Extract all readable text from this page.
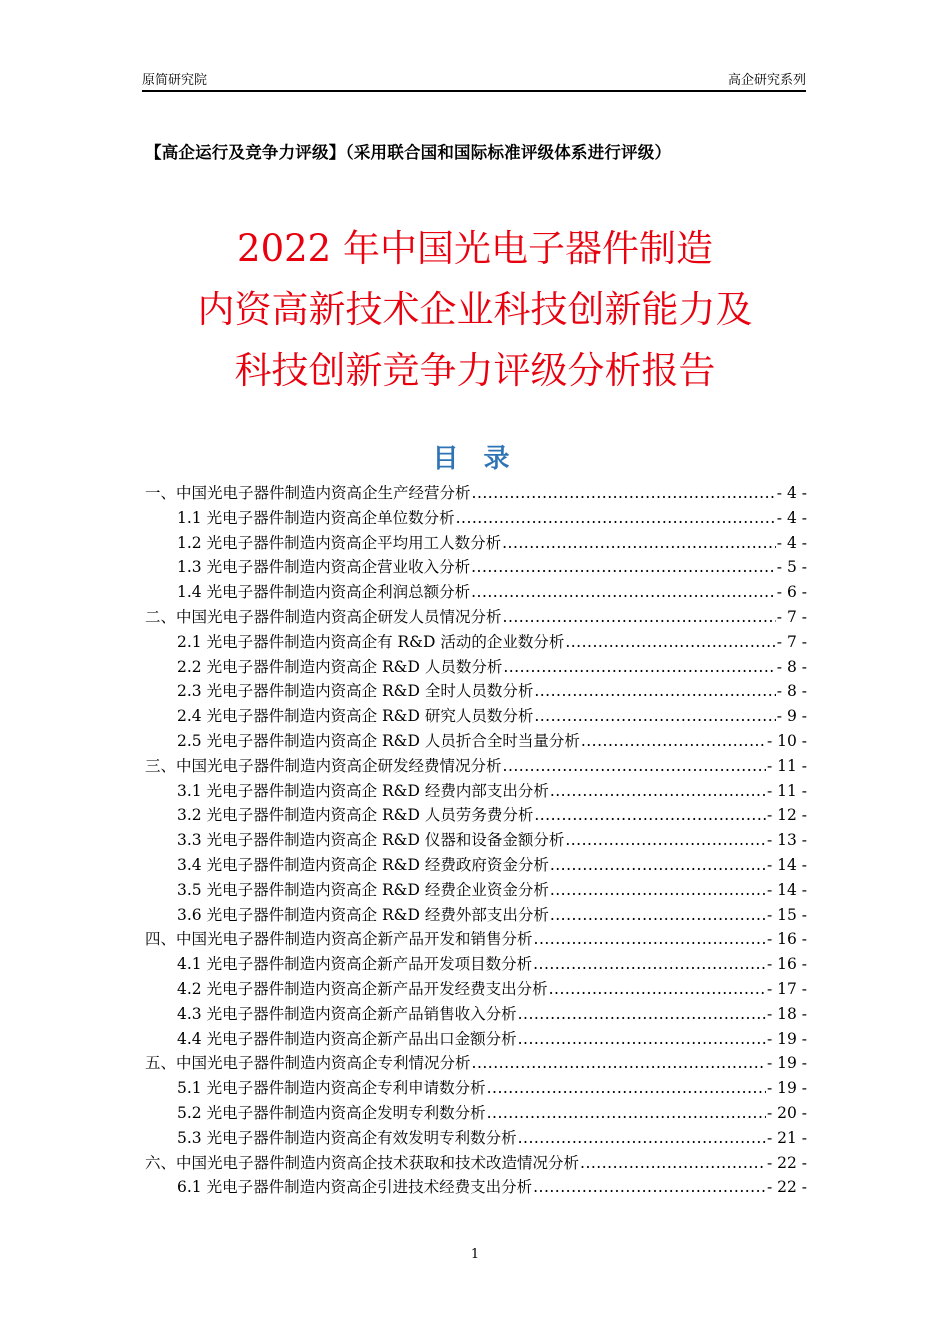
原简研究院	高企研究系列
【高企运行及竞争力评级】（采用联合国和国际标准评级体系进行评级）
2022 年中国光电子器件制造
内资高新技术企业科技创新能力及
科技创新竞争力评级分析报告
目 录
一、中国光电子器件制造内资高企生产经营分析 .....	- 4 -
1.1 光电子器件制造内资高企单位数分析 .....	- 4 -
1.2 光电子器件制造内资高企平均用工人数分析 .....	- 4 -
1.3 光电子器件制造内资高企营业收入分析 .....	- 5 -
1.4 光电子器件制造内资高企利润总额分析 .....	- 6 -
二、中国光电子器件制造内资高企研发人员情况分析 .....	- 7 -
2.1 光电子器件制造内资高企有 R&D 活动的企业数分析 .....	- 7 -
2.2 光电子器件制造内资高企 R&D 人员数分析 .....	- 8 -
2.3 光电子器件制造内资高企 R&D 全时人员数分析 .....	- 8 -
2.4 光电子器件制造内资高企 R&D 研究人员数分析 .....	- 9 -
2.5 光电子器件制造内资高企 R&D 人员折合全时当量分析 .....	- 10 -
三、中国光电子器件制造内资高企研发经费情况分析 .....	- 11 -
3.1 光电子器件制造内资高企 R&D 经费内部支出分析 .....	- 11 -
3.2 光电子器件制造内资高企 R&D 人员劳务费分析 .....	- 12 -
3.3 光电子器件制造内资高企 R&D 仪器和设备金额分析 .....	- 13 -
3.4 光电子器件制造内资高企 R&D 经费政府资金分析 .....	- 14 -
3.5 光电子器件制造内资高企 R&D 经费企业资金分析 .....	- 14 -
3.6 光电子器件制造内资高企 R&D 经费外部支出分析 .....	- 15 -
四、中国光电子器件制造内资高企新产品开发和销售分析 .....	- 16 -
4.1 光电子器件制造内资高企新产品开发项目数分析 .....	- 16 -
4.2 光电子器件制造内资高企新产品开发经费支出分析 .....	- 17 -
4.3 光电子器件制造内资高企新产品销售收入分析 .....	- 18 -
4.4 光电子器件制造内资高企新产品出口金额分析 .....	- 19 -
五、中国光电子器件制造内资高企专利情况分析 .....	- 19 -
5.1 光电子器件制造内资高企专利申请数分析 .....	- 19 -
5.2 光电子器件制造内资高企发明专利数分析 .....	- 20 -
5.3 光电子器件制造内资高企有效发明专利数分析 .....	- 21 -
六、中国光电子器件制造内资高企技术获取和技术改造情况分析 .....	- 22 -
6.1 光电子器件制造内资高企引进技术经费支出分析 .....	- 22 -
1
